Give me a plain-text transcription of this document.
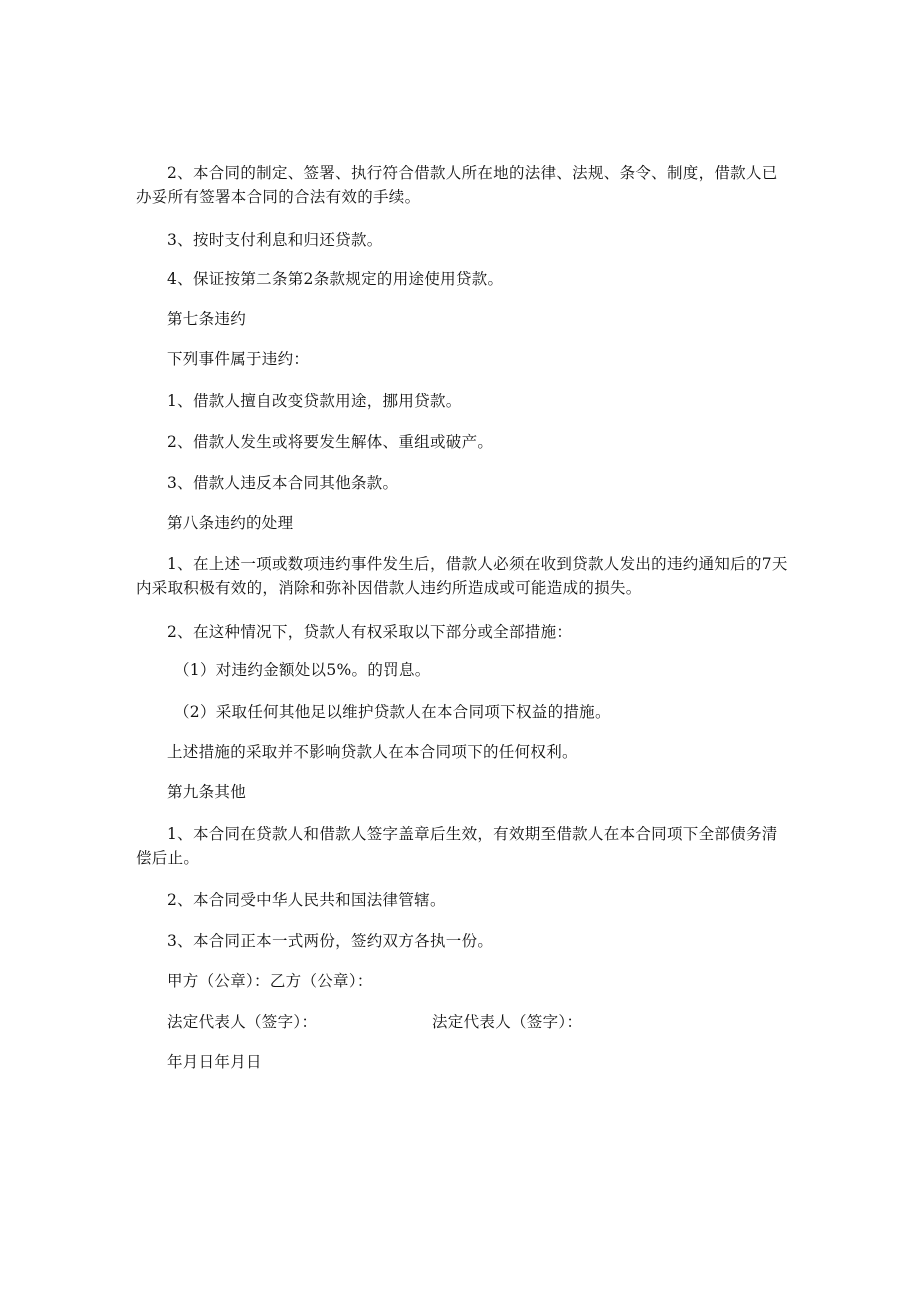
2、本合同的制定、签署、执行符合借款人所在地的法律、法规、条令、制度，借款人已办妥所有签署本合同的合法有效的手续。
3、按时支付利息和归还贷款。
4、保证按第二条第2条款规定的用途使用贷款。
第七条违约
下列事件属于违约：
1、借款人擅自改变贷款用途，挪用贷款。
2、借款人发生或将要发生解体、重组或破产。
3、借款人违反本合同其他条款。
第八条违约的处理
1、在上述一项或数项违约事件发生后，借款人必须在收到贷款人发出的违约通知后的7天内采取积极有效的，消除和弥补因借款人违约所造成或可能造成的损失。
2、在这种情况下，贷款人有权采取以下部分或全部措施：
（1）对违约金额处以5%。的罚息。
（2）采取任何其他足以维护贷款人在本合同项下权益的措施。
上述措施的采取并不影响贷款人在本合同项下的任何权利。
第九条其他
1、本合同在贷款人和借款人签字盖章后生效，有效期至借款人在本合同项下全部债务清偿后止。
2、本合同受中华人民共和国法律管辖。
3、本合同正本一式两份，签约双方各执一份。
甲方（公章）：乙方（公章）：
法定代表人（签字）：	法定代表人（签字）：
年月日年月日
